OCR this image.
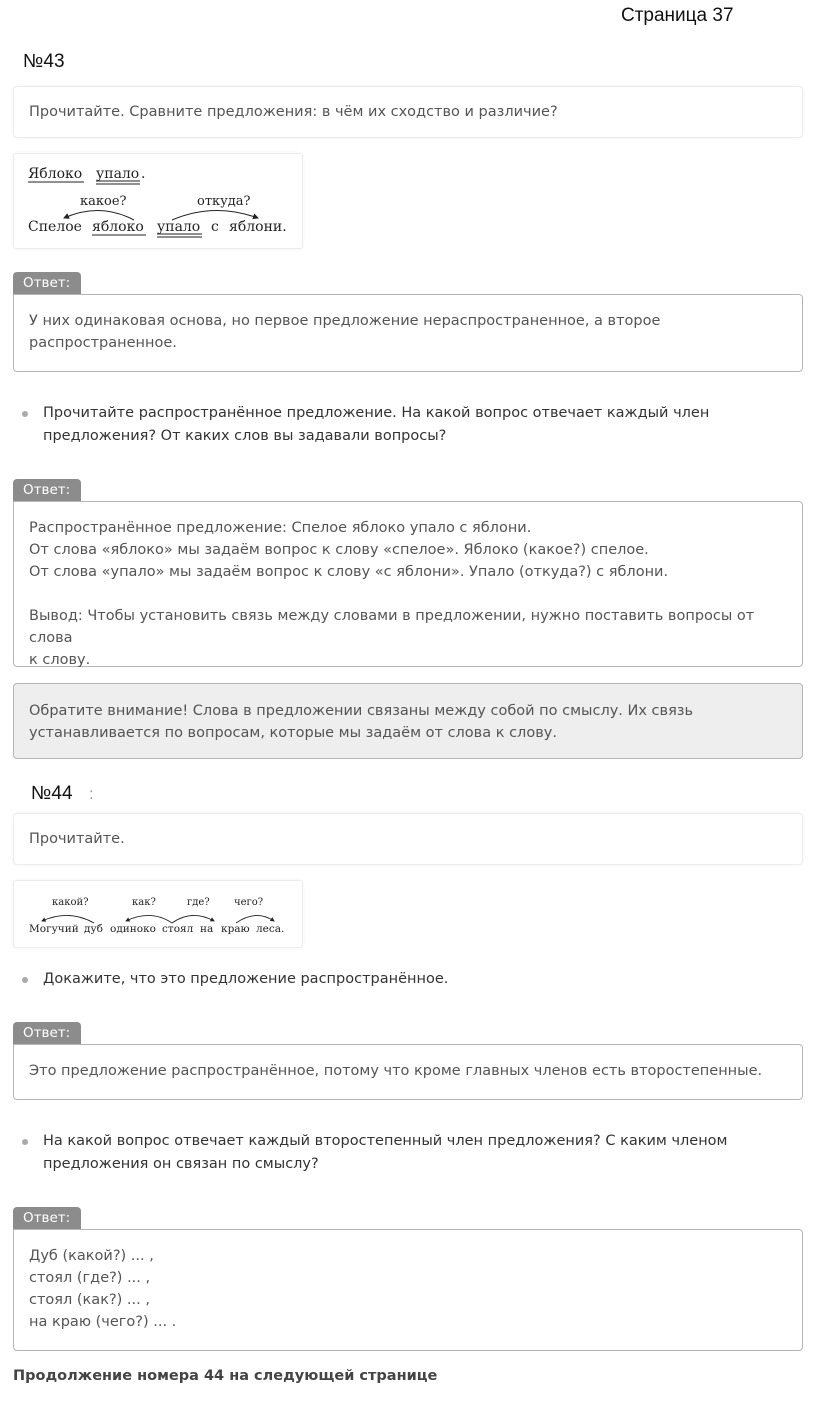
Страница 37
№43
Прочитайте. Сравните предложения: в чём их сходство и различие?
Яблоко упало .
какое?	откуда?
Спелое яблоко упало с яблони.
Ответ:
У них одинаковая основа, но первое предложение нераспространенное, а второе
распространенное.
Прочитайте распространённое предложение. На какой вопрос отвечает каждый член
предложения? От каких слов вы задавали вопросы?
Ответ:
Распространённое предложение: Спелое яблоко упало с яблони.
От слова «яблоко» мы задаём вопрос к слову «спелое». Яблоко (какое?) спелое.
От слова «упало» мы задаём вопрос к слову «с яблони». Упало (откуда?) с яблони.
Вывод: Чтобы установить связь между словами в предложении, нужно поставить вопросы от слова
к слову.
Обратите внимание! Слова в предложении связаны между собой по смыслу. Их связь
устанавливается по вопросам, которые мы задаём от слова к слову.
№44 :
Прочитайте.
какой?	как?	где? чего?
Могучий дуб одиноко стоял на краю леса.
Докажите, что это предложение распространённое.
Ответ:
Это предложение распространённое, потому что кроме главных членов есть второстепенные.
На какой вопрос отвечает каждый второстепенный член предложения? С каким членом
предложения он связан по смыслу?
Ответ:
Дуб (какой?) ... ,
стоял (где?) ... ,
стоял (как?) ... ,
на краю (чего?) ... .
Продолжение номера 44 на следующей странице
